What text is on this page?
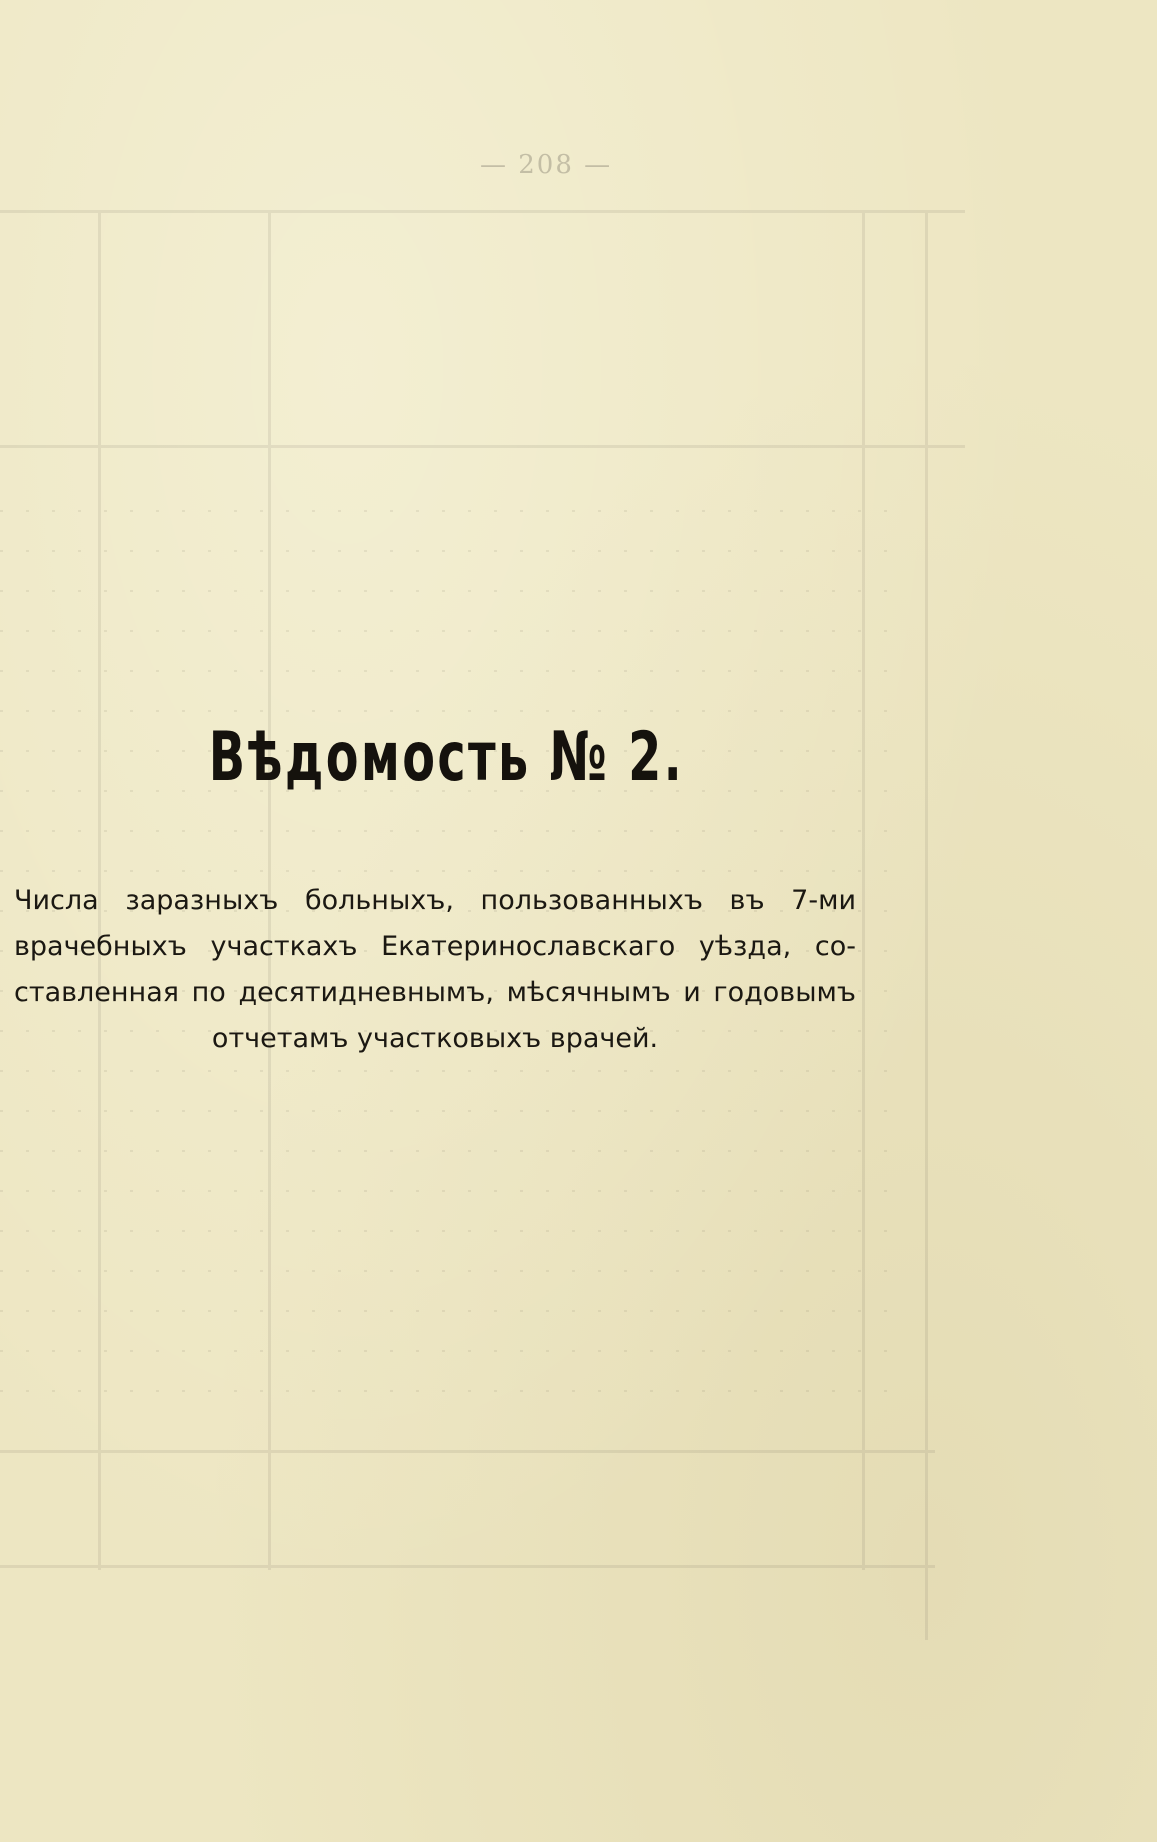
— 208 —
Вѣдомость № 2.

Числа заразныхъ больныхъ, пользованныхъ въ 7-ми
врачебныхъ участкахъ Екатеринославскаго уѣзда, со-
ставленная по десятидневнымъ, мѣсячнымъ и годовымъ
отчетамъ участковыхъ врачей.
